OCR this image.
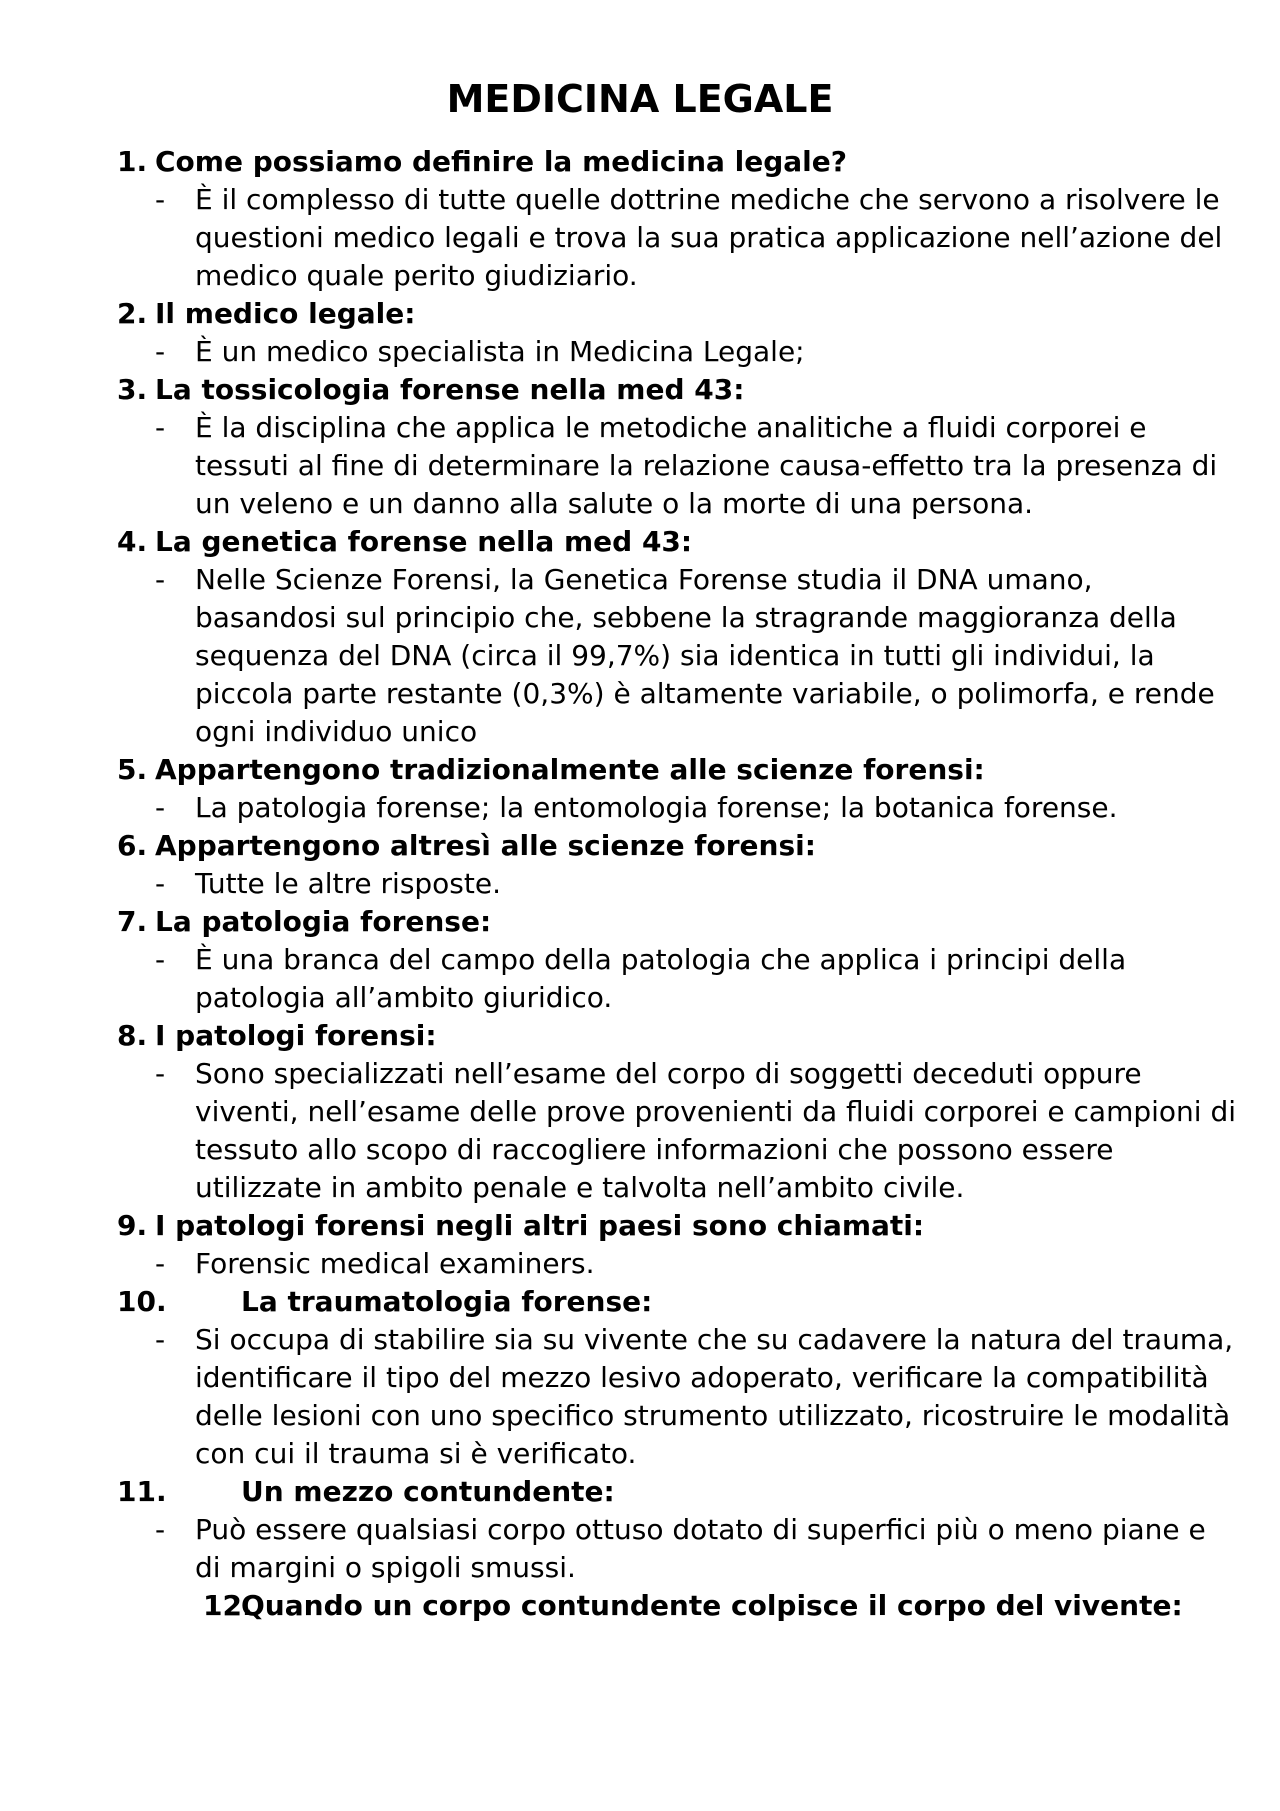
MEDICINA LEGALE
1. Come possiamo definire la medicina legale?
- È il complesso di tutte quelle dottrine mediche che servono a risolvere le questioni medico legali e trova la sua pratica applicazione nell’azione del medico quale perito giudiziario.
2. Il medico legale:
- È un medico specialista in Medicina Legale;
3. La tossicologia forense nella med 43:
- È la disciplina che applica le metodiche analitiche a fluidi corporei e tessuti al fine di determinare la relazione causa-effetto tra la presenza di un veleno e un danno alla salute o la morte di una persona.
4. La genetica forense nella med 43:
- Nelle Scienze Forensi, la Genetica Forense studia il DNA umano, basandosi sul principio che, sebbene la stragrande maggioranza della sequenza del DNA (circa il 99,7%) sia identica in tutti gli individui, la piccola parte restante (0,3%) è altamente variabile, o polimorfa, e rende ogni individuo unico
5. Appartengono tradizionalmente alle scienze forensi:
- La patologia forense; la entomologia forense; la botanica forense.
6. Appartengono altresì alle scienze forensi:
- Tutte le altre risposte.
7. La patologia forense:
- È una branca del campo della patologia che applica i principi della patologia all’ambito giuridico.
8. I patologi forensi:
- Sono specializzati nell’esame del corpo di soggetti deceduti oppure viventi, nell’esame delle prove provenienti da fluidi corporei e campioni di tessuto allo scopo di raccogliere informazioni che possono essere utilizzate in ambito penale e talvolta nell’ambito civile.
9. I patologi forensi negli altri paesi sono chiamati:
- Forensic medical examiners.
10.	La traumatologia forense:
- Si occupa di stabilire sia su vivente che su cadavere la natura del trauma, identificare il tipo del mezzo lesivo adoperato, verificare la compatibilità delle lesioni con uno specifico strumento utilizzato, ricostruire le modalità con cui il trauma si è verificato.
11.	Un mezzo contundente:
- Può essere qualsiasi corpo ottuso dotato di superfici più o meno piane e di margini o spigoli smussi.
12.
Quando un corpo contundente colpisce il corpo del vivente:
